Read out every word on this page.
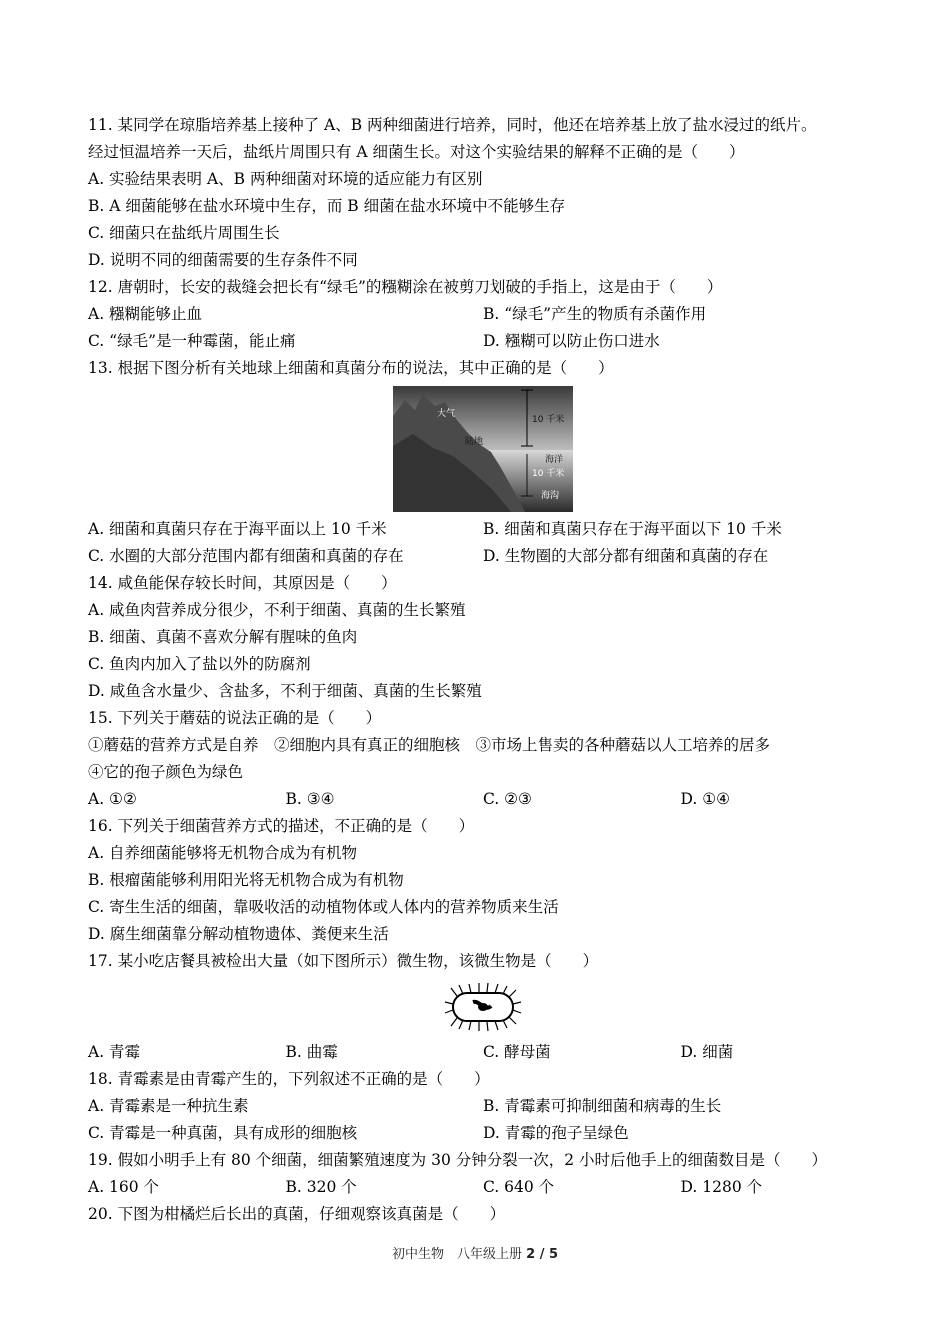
11. 某同学在琼脂培养基上接种了 A、B 两种细菌进行培养，同时，他还在培养基上放了盐水浸过的纸片。
经过恒温培养一天后，盐纸片周围只有 A 细菌生长。对这个实验结果的解释不正确的是（　　）
A. 实验结果表明 A、B 两种细菌对环境的适应能力有区别
B. A 细菌能够在盐水环境中生存，而 B 细菌在盐水环境中不能够生存
C. 细菌只在盐纸片周围生长
D. 说明不同的细菌需要的生存条件不同
12. 唐朝时，长安的裁缝会把长有“绿毛”的糨糊涂在被剪刀划破的手指上，这是由于（　　）
A. 糨糊能够止血	B. “绿毛”产生的物质有杀菌作用
C. “绿毛”是一种霉菌，能止痛	D. 糨糊可以防止伤口进水
13. 根据下图分析有关地球上细菌和真菌分布的说法，其中正确的是（　　）
大气
10 千米
陆地
海洋
10 千米
海沟
A. 细菌和真菌只存在于海平面以上 10 千米	B. 细菌和真菌只存在于海平面以下 10 千米
C. 水圈的大部分范围内都有细菌和真菌的存在	D. 生物圈的大部分都有细菌和真菌的存在
14. 咸鱼能保存较长时间，其原因是（　　）
A. 咸鱼肉营养成分很少，不利于细菌、真菌的生长繁殖
B. 细菌、真菌不喜欢分解有腥味的鱼肉
C. 鱼肉内加入了盐以外的防腐剂
D. 咸鱼含水量少、含盐多，不利于细菌、真菌的生长繁殖
15. 下列关于蘑菇的说法正确的是（　　）
①蘑菇的营养方式是自养　②细胞内具有真正的细胞核　③市场上售卖的各种蘑菇以人工培养的居多
④它的孢子颜色为绿色
A. ①②	B. ③④	C. ②③	D. ①④
16. 下列关于细菌营养方式的描述，不正确的是（　　）
A. 自养细菌能够将无机物合成为有机物
B. 根瘤菌能够利用阳光将无机物合成为有机物
C. 寄生生活的细菌，靠吸收活的动植物体或人体内的营养物质来生活
D. 腐生细菌靠分解动植物遗体、粪便来生活
17. 某小吃店餐具被检出大量（如下图所示）微生物，该微生物是（　　）
A. 青霉	B. 曲霉	C. 酵母菌	D. 细菌
18. 青霉素是由青霉产生的，下列叙述不正确的是（　　）
A. 青霉素是一种抗生素	B. 青霉素可抑制细菌和病毒的生长
C. 青霉是一种真菌，具有成形的细胞核	D. 青霉的孢子呈绿色
19. 假如小明手上有 80 个细菌，细菌繁殖速度为 30 分钟分裂一次，2 小时后他手上的细菌数目是（　　）
A. 160 个	B. 320 个	C. 640 个	D. 1280 个
20. 下图为柑橘烂后长出的真菌，仔细观察该真菌是（　　）
初中生物　八年级上册 2 / 5
